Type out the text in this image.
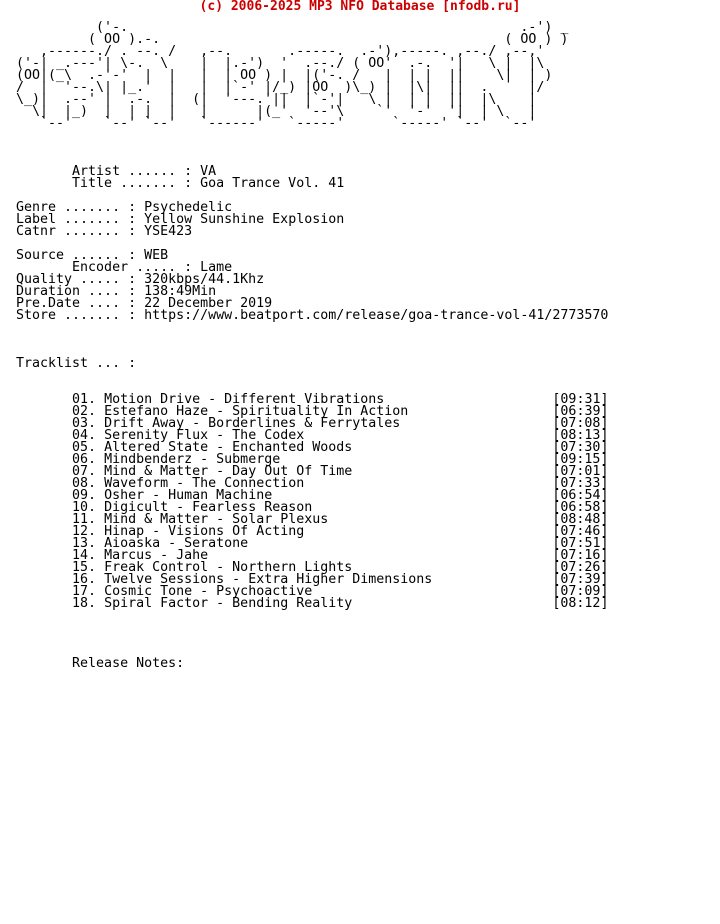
(c) 2006-2025 MP3 NFO Database [nfodb.ru]
('-.                                                 .-') _
( OO ).-.                                           ( OO ) )
,------./ . --. /   ,--.       .-----.  .-'),-----. ,--./ ,--,'
('-| _.---'| \-.  \    |  |.-')  '  .--./ ( OO'  .-.  '|   \ |  |\
(OO|(_\  .-'-'  |  |   |  | OO ) |  |('-. /   |  | |  ||    \|  | )
/  |  '--.\| |_.'  |   |  |`-' |/_) |OO  )\_) |  |\|  ||  .     |/
\_)|  .--' |  .-.  |  (|  '---.'||  |`-'|   \ |  | |  ||  |\    |
\|  |_)  |  | |  |   |      |(_'  '--'\    `'  '-'  '|  | \   |
`--'    `--' `--'   `------'   `-----'      `-----' `--'  `--'
Artist ...... : VA
Title ....... : Goa Trance Vol. 41
Genre ....... : Psychedelic
Label ....... : Yellow Sunshine Explosion
Catnr ....... : YSE423
Source ...... : WEB
Encoder ..... : Lame
Quality ..... : 320kbps/44.1Khz
Duration .... : 138:49Min
Pre.Date .... : 22 December 2019
Store ....... : https://www.beatport.com/release/goa-trance-vol-41/2773570
Tracklist ... :
01. Motion Drive - Different Vibrations	[09:31]
02. Estefano Haze - Spirituality In Action	[06:39]
03. Drift Away - Borderlines & Ferrytales	[07:08]
04. Serenity Flux - The Codex	[08:13]
05. Altered State - Enchanted Woods	[07:30]
06. Mindbenderz - Submerge	[09:15]
07. Mind & Matter - Day Out Of Time	[07:01]
08. Waveform - The Connection	[07:33]
09. Osher - Human Machine	[06:54]
10. Digicult - Fearless Reason	[06:58]
11. Mind & Matter - Solar Plexus	[08:48]
12. Hinap - Visions Of Acting	[07:46]
13. Aioaska - Seratone	[07:51]
14. Marcus - Jahe	[07:16]
15. Freak Control - Northern Lights	[07:26]
16. Twelve Sessions - Extra Higher Dimensions	[07:39]
17. Cosmic Tone - Psychoactive	[07:09]
18. Spiral Factor - Bending Reality	[08:12]
Release Notes:
